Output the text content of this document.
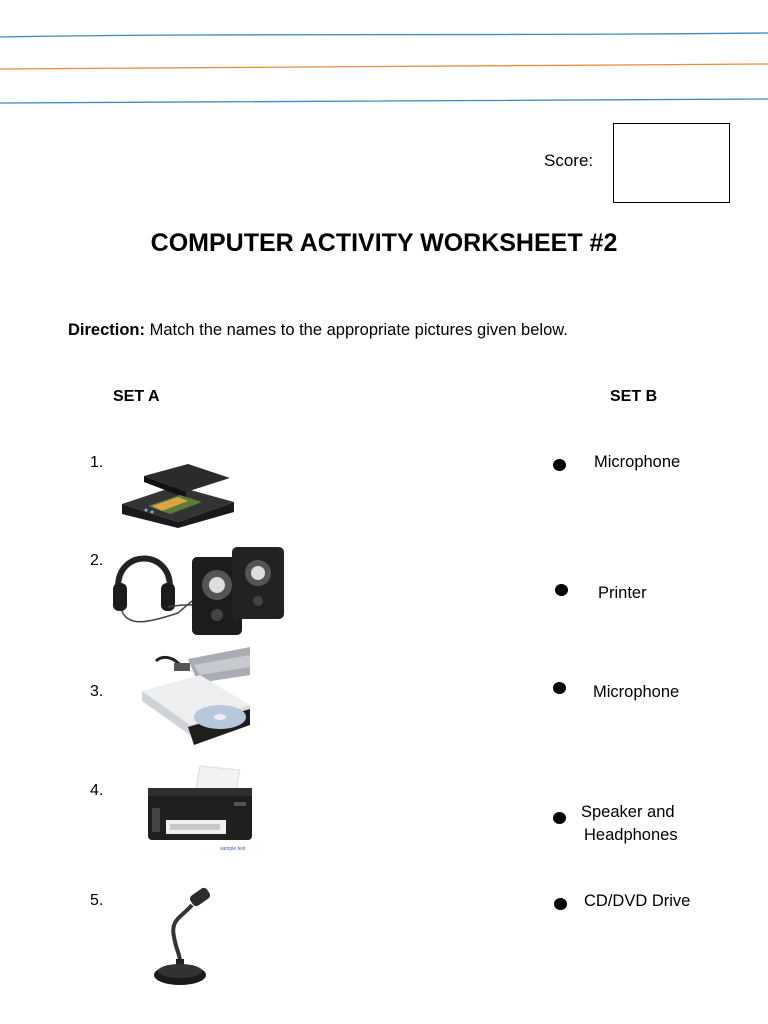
Score:
COMPUTER ACTIVITY WORKSHEET #2
Direction: Match the names to the appropriate pictures given below.
SET A	SET B
1.
2.
3.
4.
5.
sample text
Microphone
Printer
Microphone
Speaker and
Headphones
CD/DVD Drive
